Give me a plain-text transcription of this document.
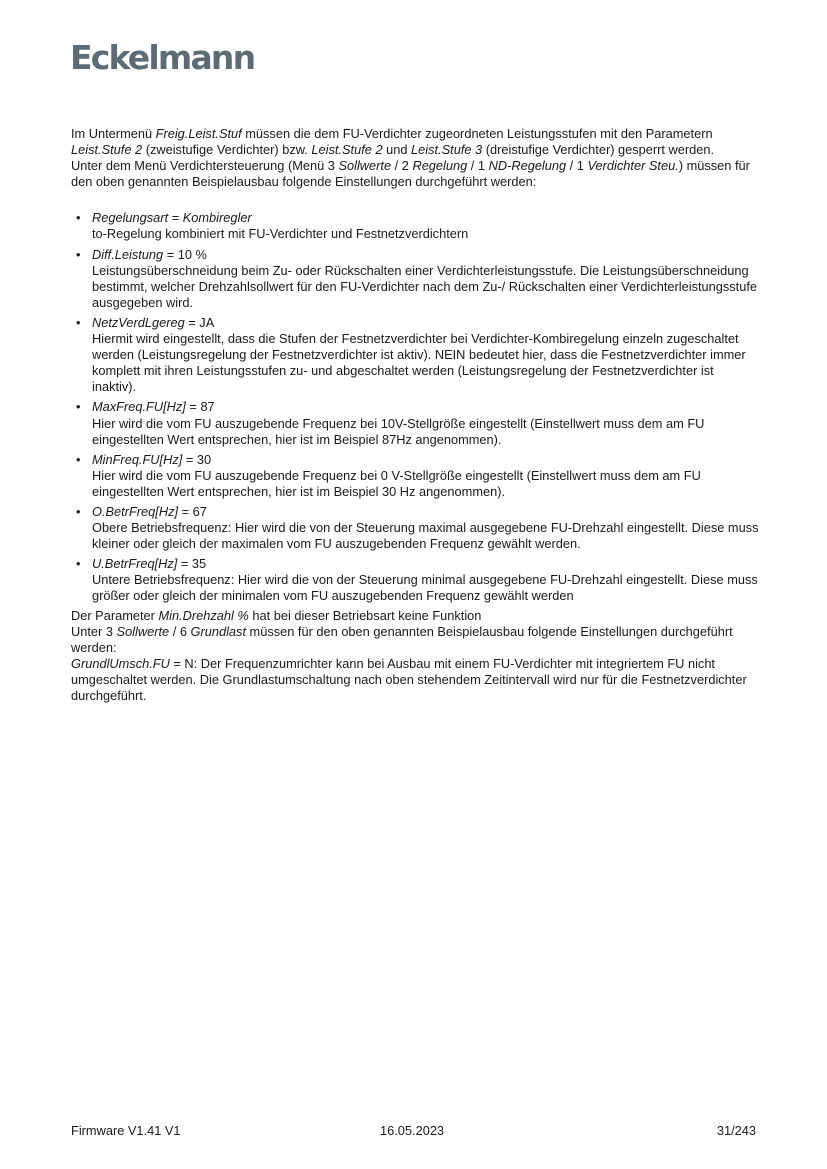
Eckelmann

Im Untermenü Freig.Leist.Stuf müssen die dem FU-Verdichter zugeordneten Leistungsstufen mit den Parametern Leist.Stufe 2 (zweistufige Verdichter) bzw. Leist.Stufe 2 und Leist.Stufe 3 (dreistufige Verdichter) gesperrt werden.

Unter dem Menü Verdichtersteuerung (Menü 3 Sollwerte / 2 Regelung / 1 ND-Regelung / 1 Verdichter Steu.) müssen für den oben genannten Beispielausbau folgende Einstellungen durchgeführt werden:

• Regelungsart = Kombiregler
to-Regelung kombiniert mit FU-Verdichter und Festnetzverdichtern
• Diff.Leistung = 10 %
Leistungsüberschneidung beim Zu- oder Rückschalten einer Verdichterleistungsstufe. Die Leistungsüberschneidung bestimmt, welcher Drehzahlsollwert für den FU-Verdichter nach dem Zu-/ Rückschalten einer Verdichterleistungsstufe ausgegeben wird.
• NetzVerdLgereg = JA
Hiermit wird eingestellt, dass die Stufen der Festnetzverdichter bei Verdichter-Kombiregelung einzeln zugeschaltet werden (Leistungsregelung der Festnetzverdichter ist aktiv). NEIN bedeutet hier, dass die Festnetzverdichter immer komplett mit ihren Leistungsstufen zu- und abgeschaltet werden (Leistungsregelung der Festnetzverdichter ist inaktiv).
• MaxFreq.FU[Hz] = 87
Hier wird die vom FU auszugebende Frequenz bei 10V-Stellgröße eingestellt (Einstellwert muss dem am FU eingestellten Wert entsprechen, hier ist im Beispiel 87Hz angenommen).
• MinFreq.FU[Hz] = 30
Hier wird die vom FU auszugebende Frequenz bei 0 V-Stellgröße eingestellt (Einstellwert muss dem am FU eingestellten Wert entsprechen, hier ist im Beispiel 30 Hz angenommen).
• O.BetrFreq[Hz] = 67
Obere Betriebsfrequenz: Hier wird die von der Steuerung maximal ausgegebene FU-Drehzahl eingestellt. Diese muss kleiner oder gleich der maximalen vom FU auszugebenden Frequenz gewählt werden.
• U.BetrFreq[Hz] = 35
Untere Betriebsfrequenz: Hier wird die von der Steuerung minimal ausgegebene FU-Drehzahl eingestellt. Diese muss größer oder gleich der minimalen vom FU auszugebenden Frequenz gewählt werden

Der Parameter Min.Drehzahl % hat bei dieser Betriebsart keine Funktion

Unter 3 Sollwerte / 6 Grundlast müssen für den oben genannten Beispielausbau folgende Einstellungen durchgeführt werden:

GrundlUmsch.FU = N: Der Frequenzumrichter kann bei Ausbau mit einem FU-Verdichter mit integriertem FU nicht umgeschaltet werden. Die Grundlastumschaltung nach oben stehendem Zeitintervall wird nur für die Festnetzverdichter durchgeführt.

Firmware V1.41 V1	16.05.2023	31/243
